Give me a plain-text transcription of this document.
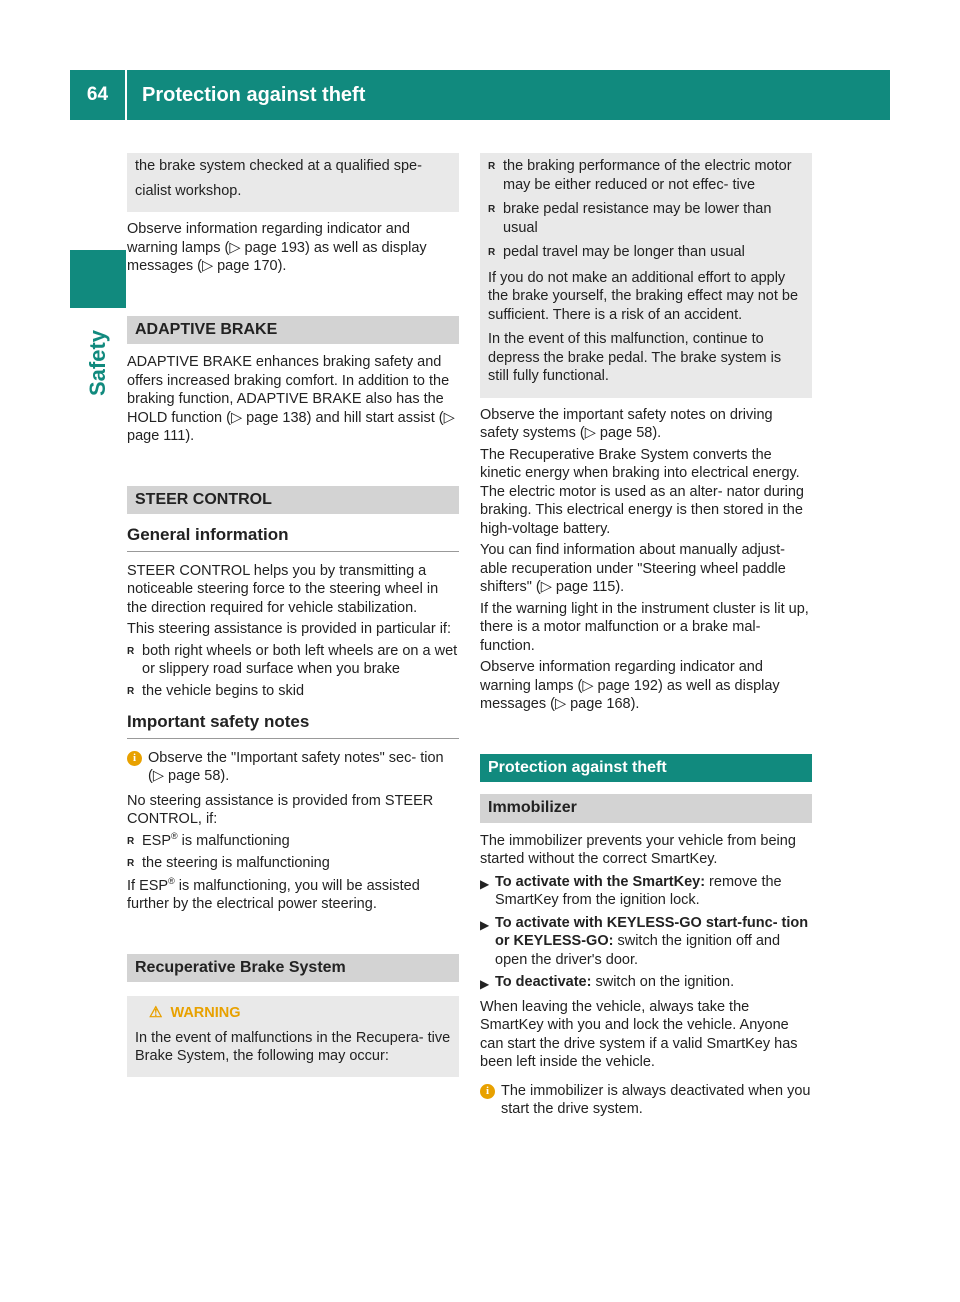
64	Protection against theft
Safety

the brake system checked at a qualified spe-

cialist workshop.

Observe information regarding indicator and warning lamps (▷ page 193) as well as display messages (▷ page 170).

ADAPTIVE BRAKE

ADAPTIVE BRAKE enhances braking safety and offers increased braking comfort. In addition to the braking function, ADAPTIVE BRAKE also has the HOLD function (▷ page 138) and hill start assist (▷ page 111).

STEER CONTROL
General information

STEER CONTROL helps you by transmitting a noticeable steering force to the steering wheel in the direction required for vehicle stabilization.

This steering assistance is provided in particular if:

R both right wheels or both left wheels are on a wet or slippery road surface when you brake
R the vehicle begins to skid
Important safety notes
i Observe the "Important safety notes" sec- tion (▷ page 58).

No steering assistance is provided from STEER CONTROL, if:

R ESP® is malfunctioning
R the steering is malfunctioning

If ESP® is malfunctioning, you will be assisted further by the electrical power steering.

Recuperative Brake System
⚠ WARNING

In the event of malfunctions in the Recupera- tive Brake System, the following may occur:

R the braking performance of the electric motor may be either reduced or not effec- tive
R brake pedal resistance may be lower than usual
R pedal travel may be longer than usual

If you do not make an additional effort to apply the brake yourself, the braking effect may not be sufficient. There is a risk of an accident.

In the event of this malfunction, continue to depress the brake pedal. The brake system is still fully functional.

Observe the important safety notes on driving safety systems (▷ page 58).

The Recuperative Brake System converts the kinetic energy when braking into electrical energy. The electric motor is used as an alter- nator during braking. This electrical energy is then stored in the high-voltage battery.

You can find information about manually adjust- able recuperation under "Steering wheel paddle shifters" (▷ page 115).

If the warning light in the instrument cluster is lit up, there is a motor malfunction or a brake mal- function.

Observe information regarding indicator and warning lamps (▷ page 192) as well as display messages (▷ page 168).

Protection against theft
Immobilizer

The immobilizer prevents your vehicle from being started without the correct SmartKey.

▶ To activate with the SmartKey: remove the SmartKey from the ignition lock.
▶ To activate with KEYLESS-GO start-func- tion or KEYLESS-GO: switch the ignition off and open the driver's door.
▶ To deactivate: switch on the ignition.

When leaving the vehicle, always take the SmartKey with you and lock the vehicle. Anyone can start the drive system if a valid SmartKey has been left inside the vehicle.

i The immobilizer is always deactivated when you start the drive system.
